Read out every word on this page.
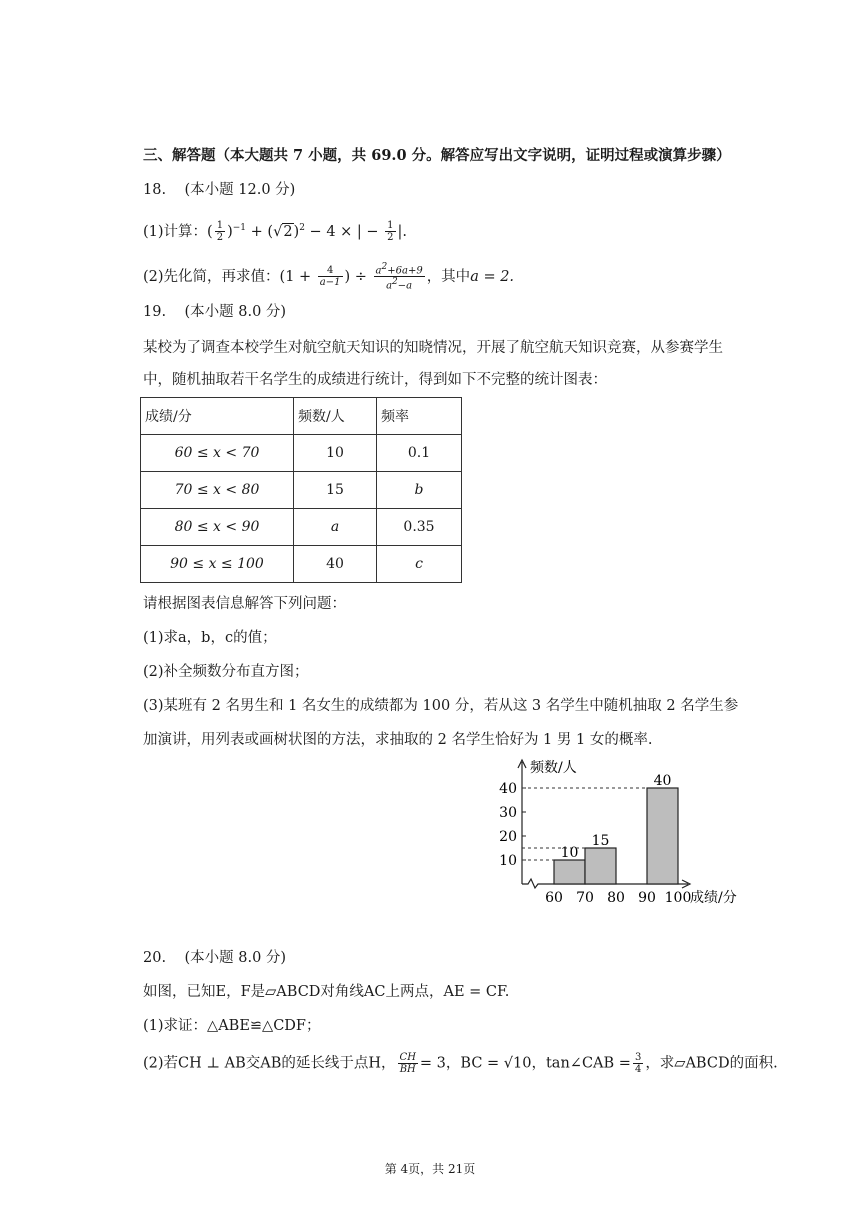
三、解答题（本大题共 7 小题，共 69.0 分。解答应写出文字说明，证明过程或演算步骤）
18. (本小题 12.0 分)
(1)计算：( $\frac{1}{2} )^{-1} + (√2)^2 - 4$ × | − $\frac{1}{2}$ |.
(2)先化简，再求值：($1 + \frac{4}{a-1}$ ) ÷ $\frac{a^2+6a+9}{a^2-a}$ ，其中a = 2.
19. (本小题 8.0 分)
某校为了调查本校学生对航空航天知识的知晓情况，开展了航空航天知识竞赛，从参赛学生
中，随机抽取若干名学生的成绩进行统计，得到如下不完整的统计图表：
成绩/分	频数/人	频率
60 ≤ x < 70	10	0.1
70 ≤ x < 80	15	b
80 ≤ x < 90	a	0.35
90 ≤ x ≤ 100	40	c
请根据图表信息解答下列问题：
(1)求a，b，c的值；
(2)补全频数分布直方图；
(3)某班有 2 名男生和 1 名女生的成绩都为 100 分，若从这 3 名学生中随机抽取 2 名学生参
加演讲，用列表或画树状图的方法，求抽取的 2 名学生恰好为 1 男 1 女的概率.
10
20
30
40
60 70 80 90 100
10
15
40
频数/人
成绩/分
20. (本小题 8.0 分)
如图，已知E，F是▱ABCD对角线AC上两点，AE = CF.
(1)求证：△ABE≌△CDF；
(2)若CH ⊥ AB交AB的延长线于点H， $\frac{CH}{BH} = 3$，BC = √10，tan∠CAB = $\frac{3}{4}$ ，求▱ABCD的面积.
第 4页，共 21页
